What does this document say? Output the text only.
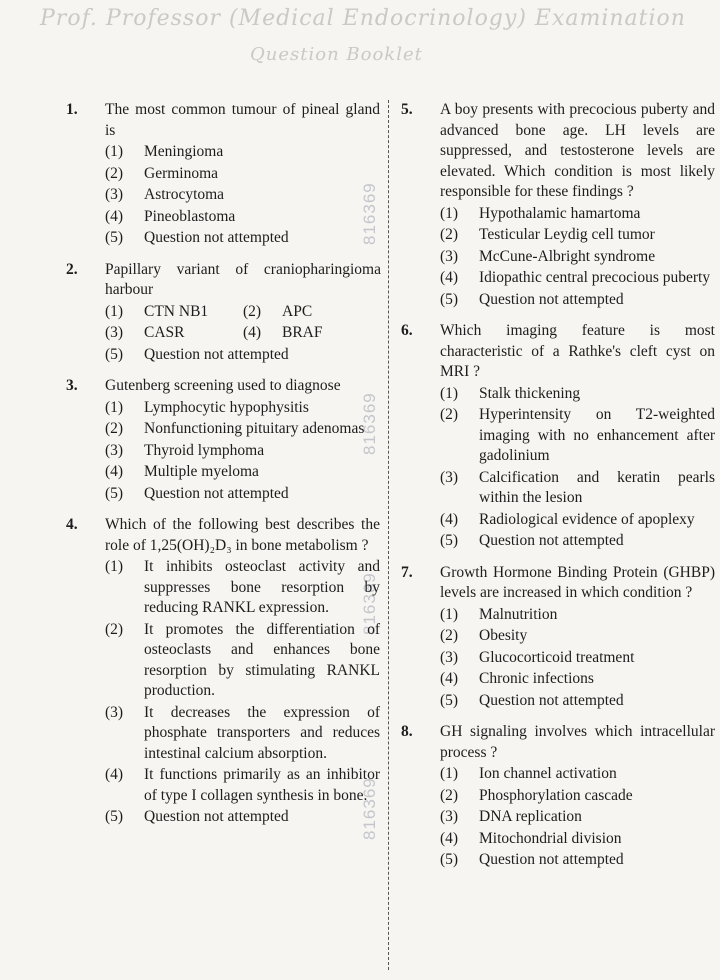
Prof. Professor (Medical Endocrinology) Examination
Question Booklet
816369
816369
816369
816369
1.	The most common tumour of pineal gland is
(1)	Meningioma
(2)	Germinoma
(3)	Astrocytoma
(4)	Pineoblastoma
(5)	Question not attempted
2.	Papillary variant of craniopharingioma harbour
(1)	CTN NB1	(2)	APC
(3)	CASR	(4)	BRAF
(5)	Question not attempted
3.	Gutenberg screening used to diagnose
(1)	Lymphocytic hypophysitis
(2)	Nonfunctioning pituitary adenomas
(3)	Thyroid lymphoma
(4)	Multiple myeloma
(5)	Question not attempted
4.	Which of the following best describes the role of 1,25(OH)₂D₃ in bone metabolism ?
(1)	It inhibits osteoclast activity and suppresses bone resorption by reducing RANKL expression.
(2)	It promotes the differentiation of osteoclasts and enhances bone resorption by stimulating RANKL production.
(3)	It decreases the expression of phosphate transporters and reduces intestinal calcium absorption.
(4)	It functions primarily as an inhibitor of type I collagen synthesis in bone.
(5)	Question not attempted
5.	A boy presents with precocious puberty and advanced bone age. LH levels are suppressed, and testosterone levels are elevated. Which condition is most likely responsible for these findings ?
(1)	Hypothalamic hamartoma
(2)	Testicular Leydig cell tumor
(3)	McCune-Albright syndrome
(4)	Idiopathic central precocious puberty
(5)	Question not attempted
6.	Which imaging feature is most characteristic of a Rathke's cleft cyst on MRI ?
(1)	Stalk thickening
(2)	Hyperintensity on T2-weighted imaging with no enhancement after gadolinium
(3)	Calcification and keratin pearls within the lesion
(4)	Radiological evidence of apoplexy
(5)	Question not attempted
7.	Growth Hormone Binding Protein (GHBP) levels are increased in which condition ?
(1)	Malnutrition
(2)	Obesity
(3)	Glucocorticoid treatment
(4)	Chronic infections
(5)	Question not attempted
8.	GH signaling involves which intracellular process ?
(1)	Ion channel activation
(2)	Phosphorylation cascade
(3)	DNA replication
(4)	Mitochondrial division
(5)	Question not attempted
